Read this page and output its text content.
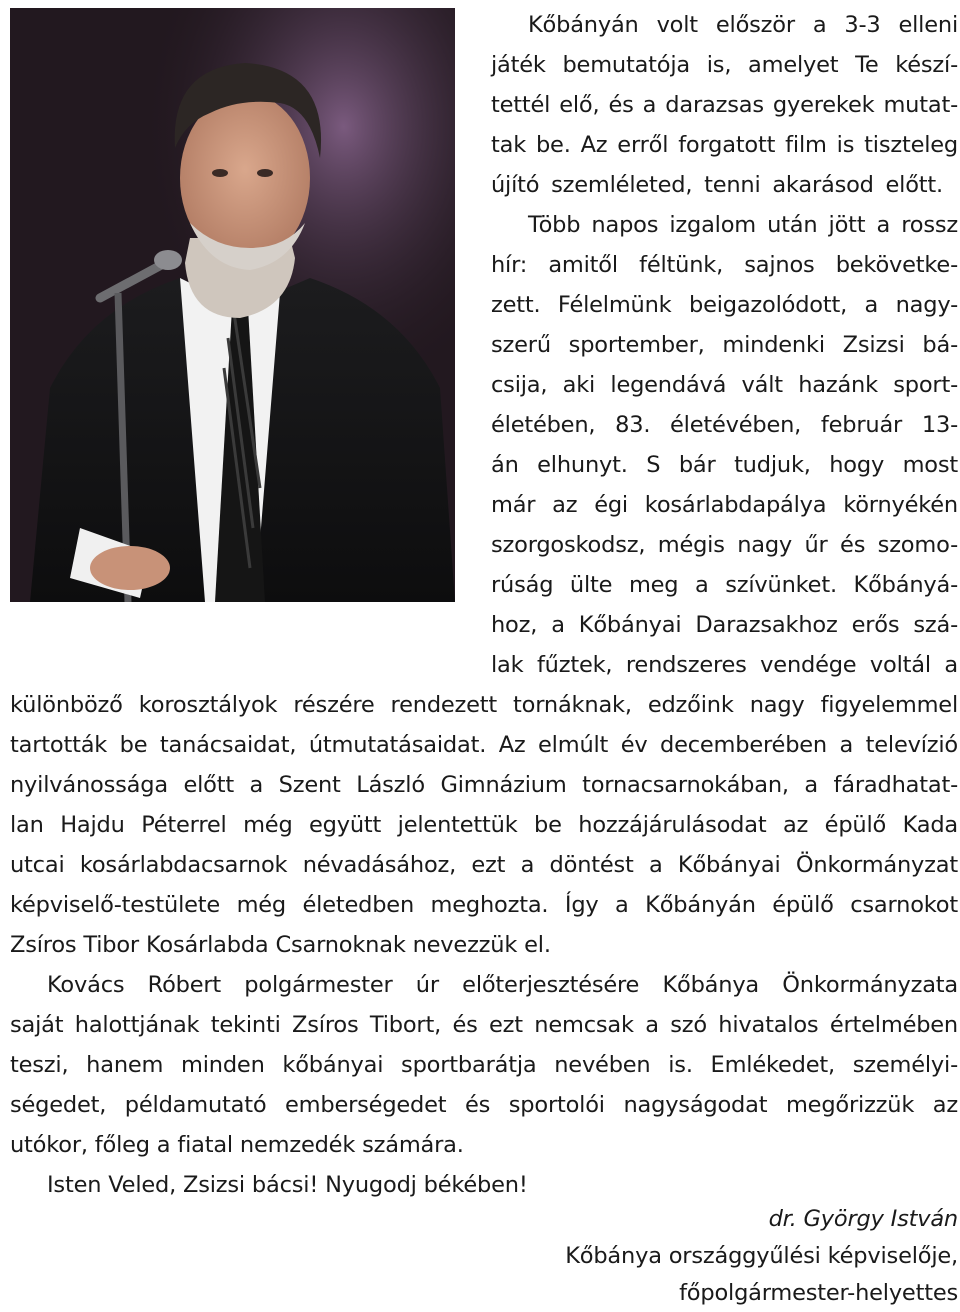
Kőbányán volt először a 3-3 elleni
játék bemutatója is, amelyet Te készí-
tettél elő, és a darazsas gyerekek mutat-
tak be. Az erről forgatott film is tiszteleg
újító szemléleted, tenni akarásod előtt.
Több napos izgalom után jött a rossz
hír: amitől féltünk, sajnos bekövetke-
zett. Félelmünk beigazolódott, a nagy-
szerű sportember, mindenki Zsizsi bá-
csija, aki legendává vált hazánk sport-
életében, 83. életévében, február 13-
án elhunyt. S bár tudjuk, hogy most
már az égi kosárlabdapálya környékén
szorgoskodsz, mégis nagy űr és szomo-
rúság ülte meg a szívünket. Kőbányá-
hoz, a Kőbányai Darazsakhoz erős szá-
lak fűztek, rendszeres vendége voltál a
különböző korosztályok részére rendezett tornáknak, edzőink nagy figyelemmel
tartották be tanácsaidat, útmutatásaidat. Az elmúlt év decemberében a televízió
nyilvánossága előtt a Szent László Gimnázium tornacsarnokában, a fáradhatat-
lan Hajdu Péterrel még együtt jelentettük be hozzájárulásodat az épülő Kada
utcai kosárlabdacsarnok névadásához, ezt a döntést a Kőbányai Önkormányzat
képviselő-testülete még életedben meghozta. Így a Kőbányán épülő csarnokot
Zsíros Tibor Kosárlabda Csarnoknak nevezzük el.
Kovács Róbert polgármester úr előterjesztésére Kőbánya Önkormányzata
saját halottjának tekinti Zsíros Tibort, és ezt nemcsak a szó hivatalos értelmében
teszi, hanem minden kőbányai sportbarátja nevében is. Emlékedet, személyi-
ségedet, példamutató emberségedet és sportolói nagyságodat megőrizzük az
utókor, főleg a fiatal nemzedék számára.
Isten Veled, Zsizsi bácsi! Nyugodj békében!
dr. György István
Kőbánya országgyűlési képviselője,
főpolgármester-helyettes
